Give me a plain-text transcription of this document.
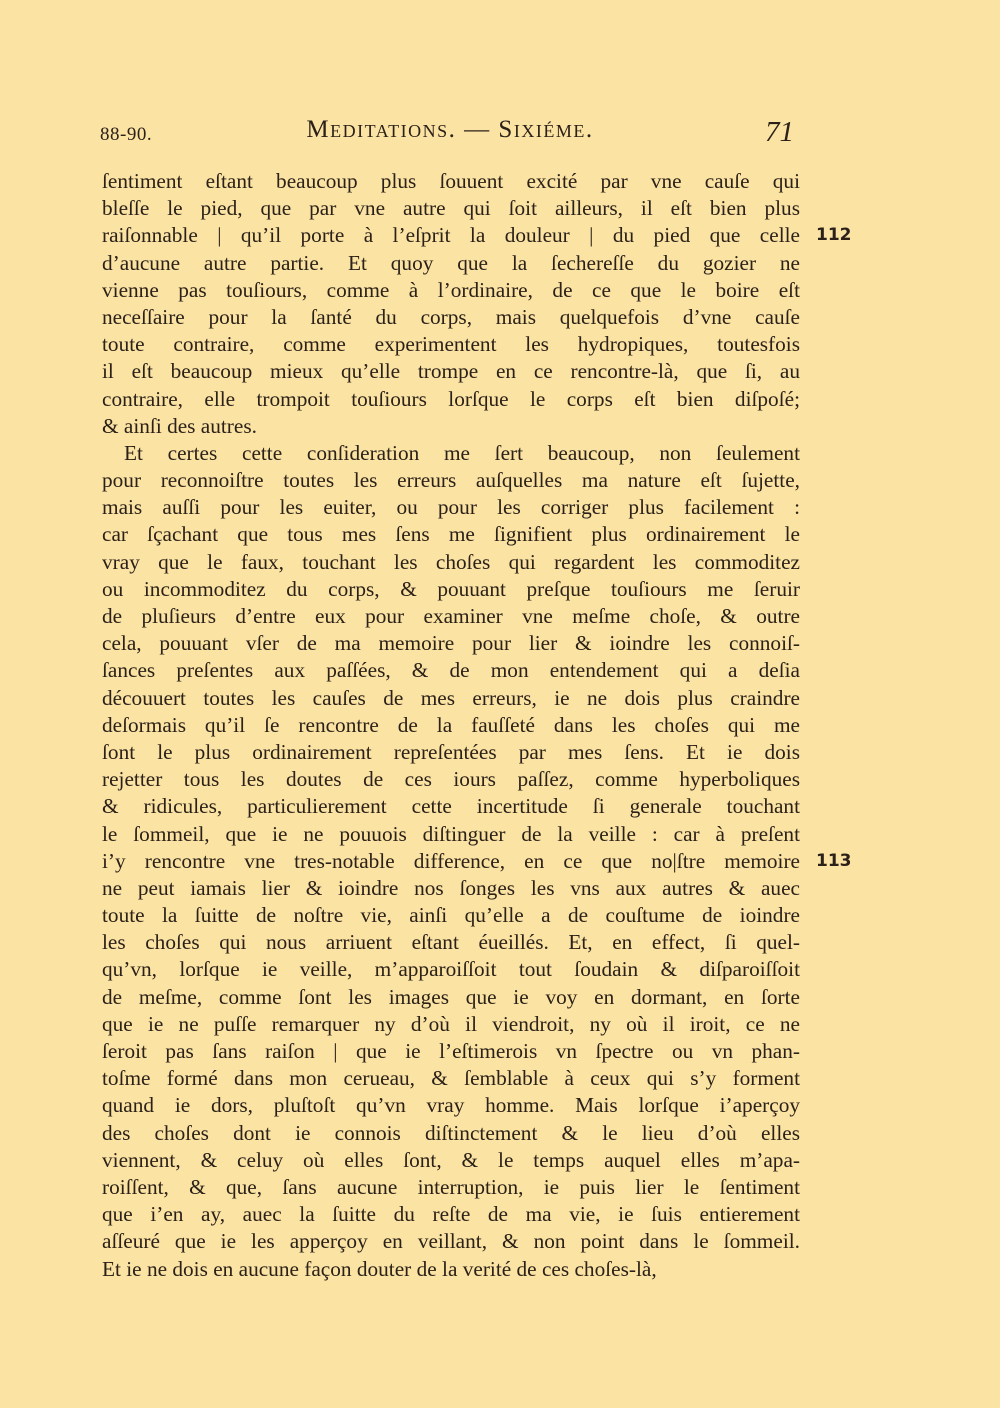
88-90.	Meditations. — Sixiéme.	71
ſentiment eſtant beaucoup plus ſouuent excité par vne cauſe qui
bleſſe le pied, que par vne autre qui ſoit ailleurs, il eſt bien plus
raiſonnable | qu’il porte à l’eſprit la douleur | du pied que celle
d’aucune autre partie. Et quoy que la ſechereſſe du gozier ne
vienne pas touſiours, comme à l’ordinaire, de ce que le boire eſt
neceſſaire pour la ſanté du corps, mais quelquefois d’vne cauſe
toute contraire, comme experimentent les hydropiques, toutesfois
il eſt beaucoup mieux qu’elle trompe en ce rencontre-là, que ſi, au
contraire, elle trompoit touſiours lorſque le corps eſt bien diſpoſé;
& ainſi des autres.
Et certes cette conſideration me ſert beaucoup, non ſeulement
pour reconnoiſtre toutes les erreurs auſquelles ma nature eſt ſujette,
mais auſſi pour les euiter, ou pour les corriger plus facilement :
car ſçachant que tous mes ſens me ſignifient plus ordinairement le
vray que le faux, touchant les choſes qui regardent les commoditez
ou incommoditez du corps, & pouuant preſque touſiours me ſeruir
de pluſieurs d’entre eux pour examiner vne meſme choſe, & outre
cela, pouuant vſer de ma memoire pour lier & ioindre les connoiſ-
ſances preſentes aux paſſées, & de mon entendement qui a deſia
découuert toutes les cauſes de mes erreurs, ie ne dois plus craindre
deſormais qu’il ſe rencontre de la fauſſeté dans les choſes qui me
ſont le plus ordinairement repreſentées par mes ſens. Et ie dois
rejetter tous les doutes de ces iours paſſez, comme hyperboliques
& ridicules, particulierement cette incertitude ſi generale touchant
le ſommeil, que ie ne pouuois diſtinguer de la veille : car à preſent
i’y rencontre vne tres-notable difference, en ce que no|ſtre memoire
ne peut iamais lier & ioindre nos ſonges les vns aux autres & auec
toute la ſuitte de noſtre vie, ainſi qu’elle a de couſtume de ioindre
les choſes qui nous arriuent eſtant éueillés. Et, en effect, ſi quel-
qu’vn, lorſque ie veille, m’apparoiſſoit tout ſoudain & diſparoiſſoit
de meſme, comme ſont les images que ie voy en dormant, en ſorte
que ie ne puſſe remarquer ny d’où il viendroit, ny où il iroit, ce ne
ſeroit pas ſans raiſon | que ie l’eſtimerois vn ſpectre ou vn phan-
toſme formé dans mon cerueau, & ſemblable à ceux qui s’y forment
quand ie dors, pluſtoſt qu’vn vray homme. Mais lorſque i’aperçoy
des choſes dont ie connois diſtinctement & le lieu d’où elles
viennent, & celuy où elles ſont, & le temps auquel elles m’apa-
roiſſent, & que, ſans aucune interruption, ie puis lier le ſentiment
que i’en ay, auec la ſuitte du reſte de ma vie, ie ſuis entierement
aſſeuré que ie les apperçoy en veillant, & non point dans le ſommeil.
Et ie ne dois en aucune façon douter de la verité de ces choſes-là,
112
113
